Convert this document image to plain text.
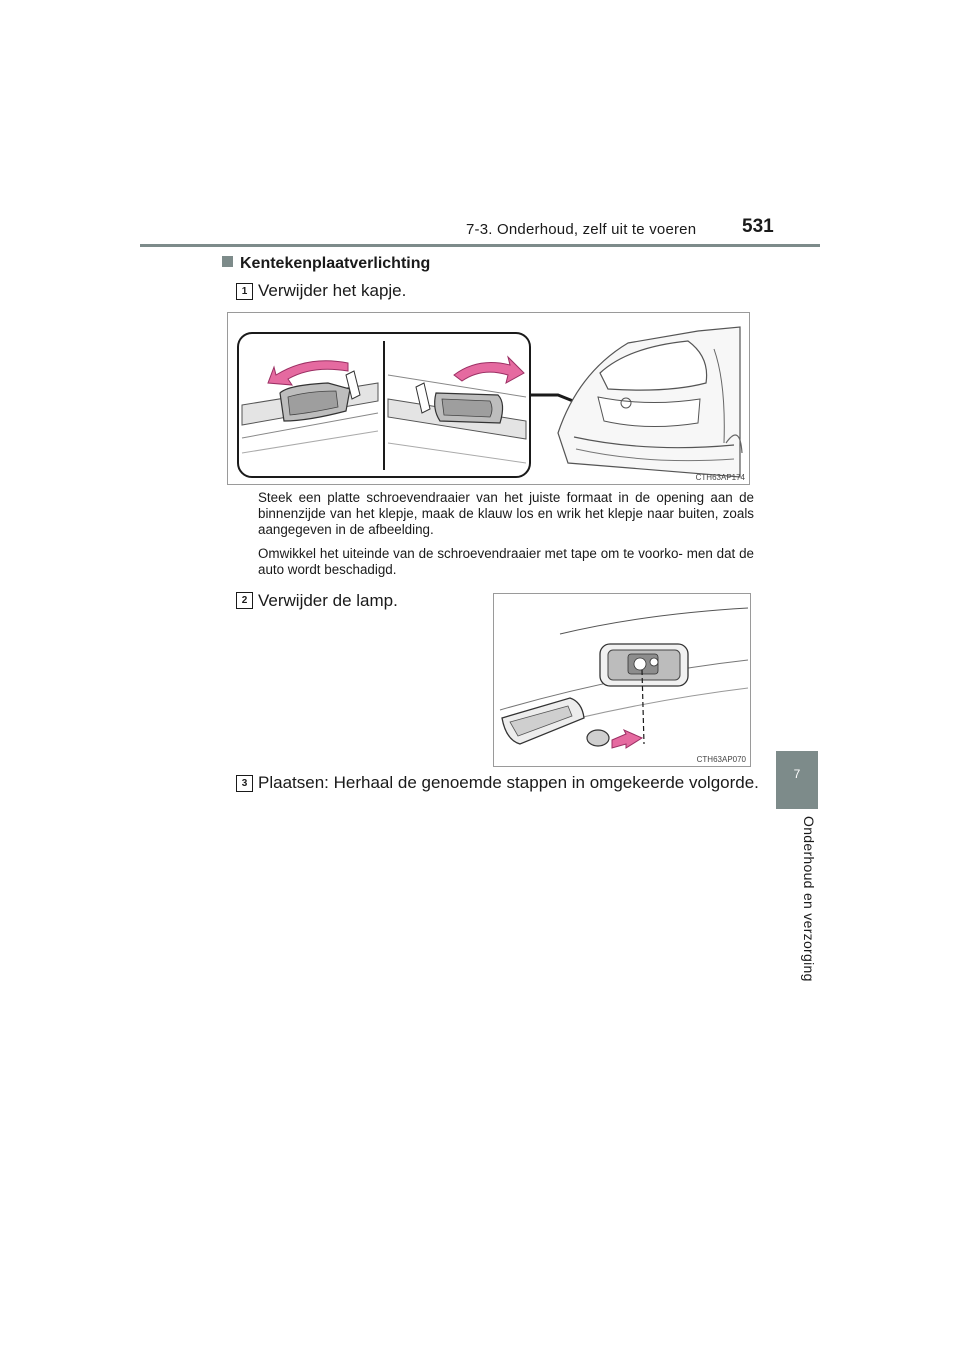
7-3. Onderhoud, zelf uit te voeren 531
7
Onderhoud en verzorging
Kentekenplaatverlichting
1 Verwijder het kapje.
CTH63AP174
Steek een platte schroevendraaier van het juiste formaat in de opening aan de binnenzijde van het klepje, maak de klauw los en wrik het klepje naar buiten, zoals aangegeven in de afbeelding.
Omwikkel het uiteinde van de schroevendraaier met tape om te voorko- men dat de auto wordt beschadigd.
2 Verwijder de lamp.
CTH63AP070
3 Plaatsen: Herhaal de genoemde stappen in omgekeerde volgorde.
